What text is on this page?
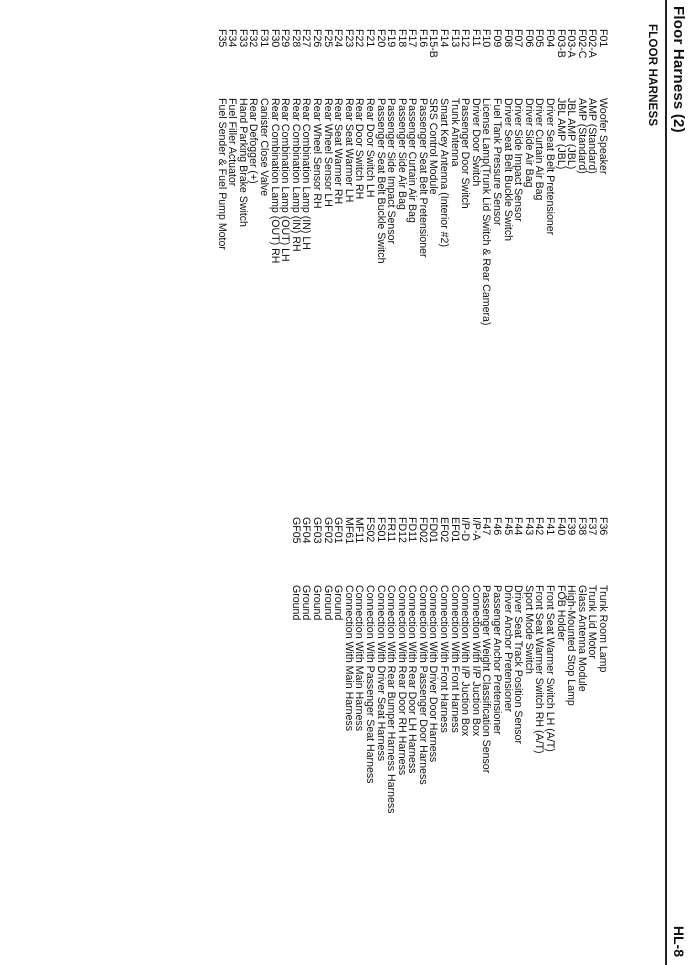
Floor Harness (2)
HL-8
FLOOR HARNESS
F01
Woofer Speaker
F02-A
AMP (Standard)
F02-C
AMP (Standard)
F03-A
JBL AMP (JBL)
F03-B
JBL AMP (JBL)
F04
Driver Seat Belt Pretensioner
F05
Driver Curtain Air Bag
F06
Driver Side Air Bag
F07
Driver Side Impact Sensor
F08
Driver Seat Belt Buckle Switch
F09
Fuel Tank Pressure Sensor
F10
License Lamp(Trunk Lid Switch & Rear Camera)
F11
Driver Door Switch
F12
Passenger Door Switch
F13
Trunk Antenna
F14
Smart Key Antenna (Interior #2)
F15-B
SRS Control Module
F16
Passenger Seat Belt Pretensioner
F17
Passenger Curtain Air Bag
F18
Passenger Side Air Bag
F19
Passenger Side Impact Sensor
F20
Passenger Seat Belt Buckle Switch
F21
Rear Door Switch LH
F22
Rear Door Switch RH
F23
Rear Seat Warmer LH
F24
Rear Seat Warmer RH
F25
Rear Wheel Sensor LH
F26
Rear Wheel Sensor RH
F27
Rear Combination Lamp (IN) LH
F28
Rear Combination Lamp (IN) RH
F29
Rear Combination Lamp (OUT) LH
F30
Rear Combination Lamp (OUT) RH
F31
Canister Close Valve
F32
Rear Defogger (+)
F33
Hand Parking Brake Switch
F34
Fuel Filler Actuator
F35
Fuel Sender & Fuel Pump Motor
F36
Trunk Room Lamp
F37
Trunk Lid Motor
F38
Glass Antenna Module
F39
High-Mounted Stop Lamp
F40
FOB Holder
F41
Front Seat Warmer Switch LH (A/T)
F42
Front Seat Warmer Switch RH (A/T)
F43
Sport Mode Switch
F44
Driver Seat Track Position Sensor
F45
Driver Anchor Pretensioner
F46
Passenger Anchor Pretensioner
F47
Passenger Weight Classification Sensor
I/P-A
Connection With I/P Juction Box
I/P-D
Connection With I/P Juction Box
EF01
Connection With Front Harness
EF02
Connection With Front Harness
FD01
Connection With Driver Door Harness
FD02
Connection With Passenger Door Harness
FD11
Connection With Rear Door LH Harness
FD12
Connection With Rear Door RH Harness
FR11
Connection With Rear Bumper Harness Harness
FS01
Connection With Driver Seat Harness
FS02
Connection With Passenger Seat Harness
MF11
Connection With Main Harness
MF61
Connection With Main Harness
GF01
Ground
GF02
Ground
GF03
Ground
GF04
Ground
GF05
Ground
